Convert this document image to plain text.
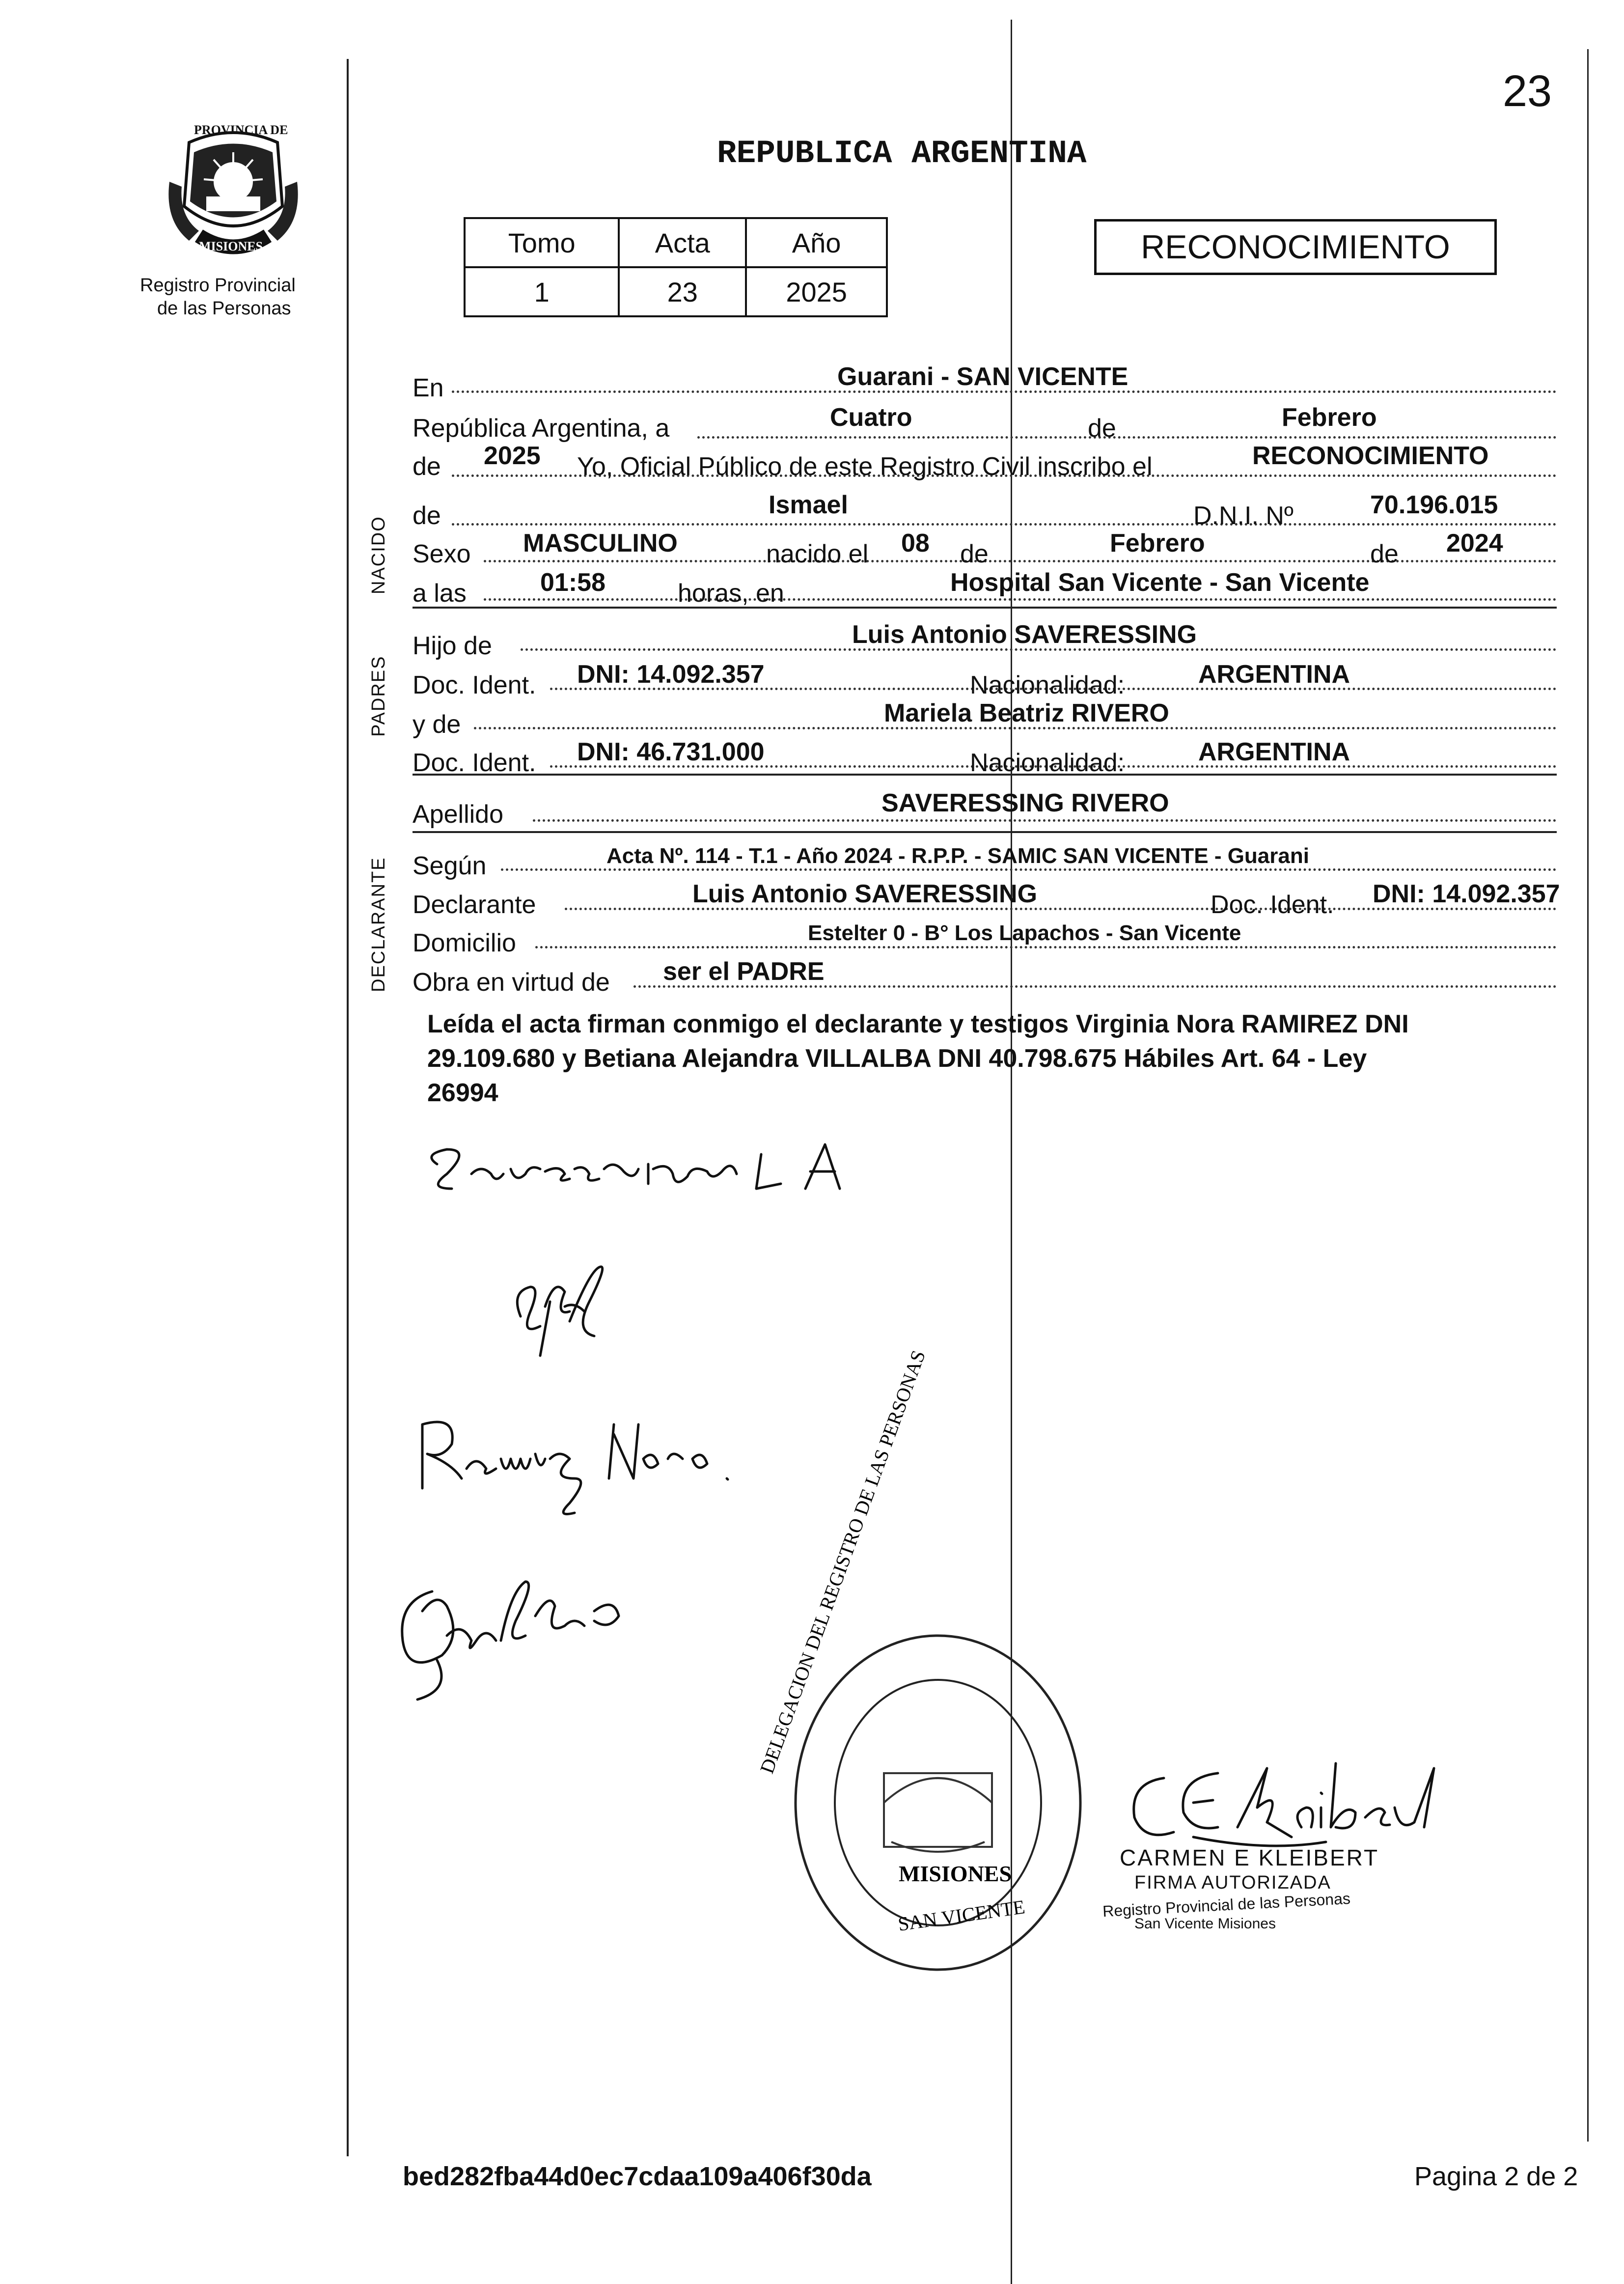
23
PROVINCIA DE
MISIONES
Registro Provincial
de las Personas
REPUBLICA ARGENTINA
Tomo	Acta	Año
1	23	2025
RECONOCIMIENTO
NACIDO
PADRES
DECLARANTE
En	Guarani - SAN VICENTE
República Argentina, a	Cuatro	de	Febrero
de 2025 Yo, Oficial Público de este Registro Civil inscribo el	RECONOCIMIENTO
de	Ismael	D.N.I. Nº	70.196.015
Sexo MASCULINO	nacido el 08 de	Febrero	de 2024
a las	01:58	horas, en	Hospital San Vicente - San Vicente
Hijo de	Luis Antonio SAVERESSING
Doc. Ident. DNI: 14.092.357	Nacionalidad:	ARGENTINA
y de	Mariela Beatriz RIVERO
Doc. Ident. DNI: 46.731.000	Nacionalidad:	ARGENTINA
Apellido	SAVERESSING RIVERO
Según	Acta Nº. 114 - T.1 - Año 2024 - R.P.P. - SAMIC SAN VICENTE - Guarani
Declarante	Luis Antonio SAVERESSING	Doc. Ident. DNI: 14.092.357
Domicilio	Estelter 0 - B° Los Lapachos - San Vicente
Obra en virtud de ser el PADRE
Leída el acta firman conmigo el declarante y testigos Virginia Nora RAMIREZ DNI
29.109.680 y Betiana Alejandra VILLALBA DNI 40.798.675 Hábiles Art. 64 - Ley
26994
MISIONES
SAN VICENTE
DELEGACION DEL REGISTRO DE LAS PERSONAS
CARMEN E KLEIBERT
FIRMA AUTORIZADA
Registro Provincial de las Personas
San Vicente Misiones
bed282fba44d0ec7cdaa109a406f30da	Pagina 2 de 2
